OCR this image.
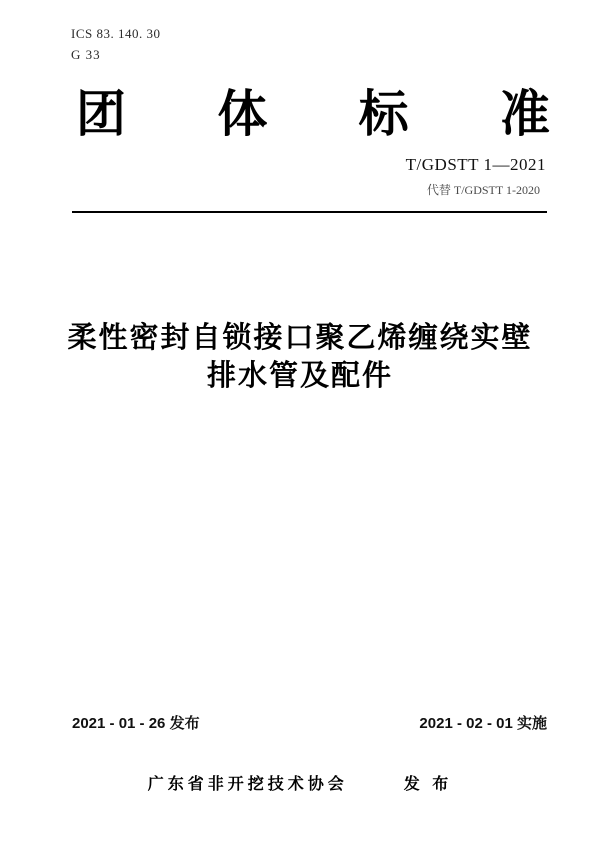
ICS 83. 140. 30
G 33
团 体 标 准
T/GDSTT 1—2021
代替 T/GDSTT 1-2020
柔性密封自锁接口聚乙烯缠绕实壁
排水管及配件
2021 - 01 - 26 发布	2021 - 02 - 01 实施
广东省非开挖技术协会	发 布
